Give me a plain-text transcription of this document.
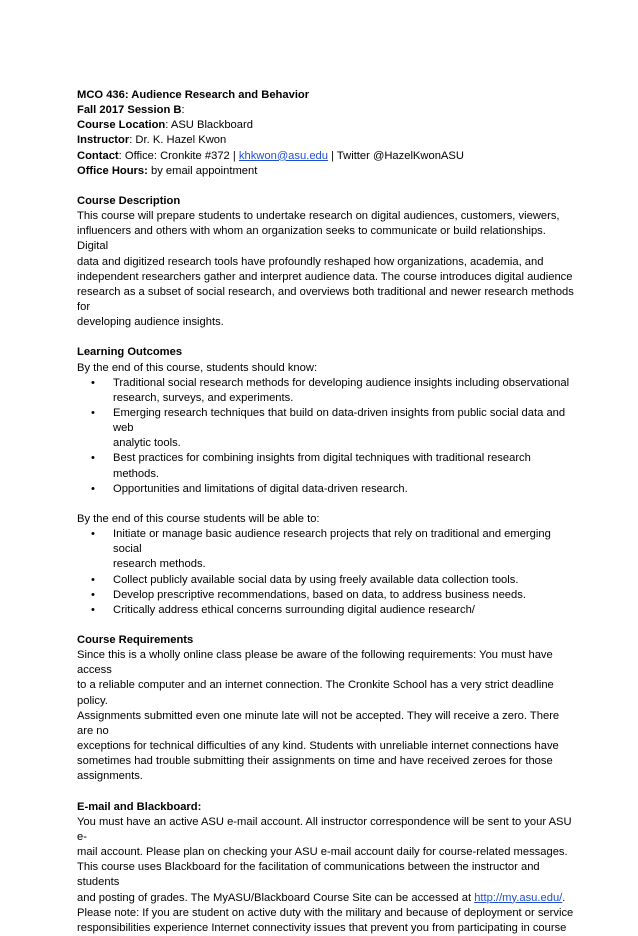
MCO 436: Audience Research and Behavior

Fall 2017 Session B:

Course Location: ASU Blackboard

Instructor: Dr. K. Hazel Kwon

Contact: Office: Cronkite #372 | khkwon@asu.edu | Twitter @HazelKwonASU

Office Hours: by email appointment

Course Description

This course will prepare students to undertake research on digital audiences, customers, viewers,

influencers and others with whom an organization seeks to communicate or build relationships. Digital

data and digitized research tools have profoundly reshaped how organizations, academia, and

independent researchers gather and interpret audience data. The course introduces digital audience

research as a subset of social research, and overviews both traditional and newer research methods for

developing audience insights.

Learning Outcomes

By the end of this course, students should know:

• Traditional social research methods for developing audience insights including observational
research, surveys, and experiments.
• Emerging research techniques that build on data-driven insights from public social data and web
analytic tools.
• Best practices for combining insights from digital techniques with traditional research methods.
• Opportunities and limitations of digital data-driven research.

By the end of this course students will be able to:

• Initiate or manage basic audience research projects that rely on traditional and emerging social
research methods.
• Collect publicly available social data by using freely available data collection tools.
• Develop prescriptive recommendations, based on data, to address business needs.
• Critically address ethical concerns surrounding digital audience research/

Course Requirements

Since this is a wholly online class please be aware of the following requirements: You must have access

to a reliable computer and an internet connection. The Cronkite School has a very strict deadline policy.

Assignments submitted even one minute late will not be accepted. They will receive a zero. There are no

exceptions for technical difficulties of any kind. Students with unreliable internet connections have

sometimes had trouble submitting their assignments on time and have received zeroes for those

assignments.

E-mail and Blackboard:

You must have an active ASU e-mail account. All instructor correspondence will be sent to your ASU e-

mail account. Please plan on checking your ASU e-mail account daily for course-related messages.

This course uses Blackboard for the facilitation of communications between the instructor and students

and posting of grades. The MyASU/Blackboard Course Site can be accessed at http://my.asu.edu/.

Please note: If you are student on active duty with the military and because of deployment or service

responsibilities experience Internet connectivity issues that prevent you from participating in course
